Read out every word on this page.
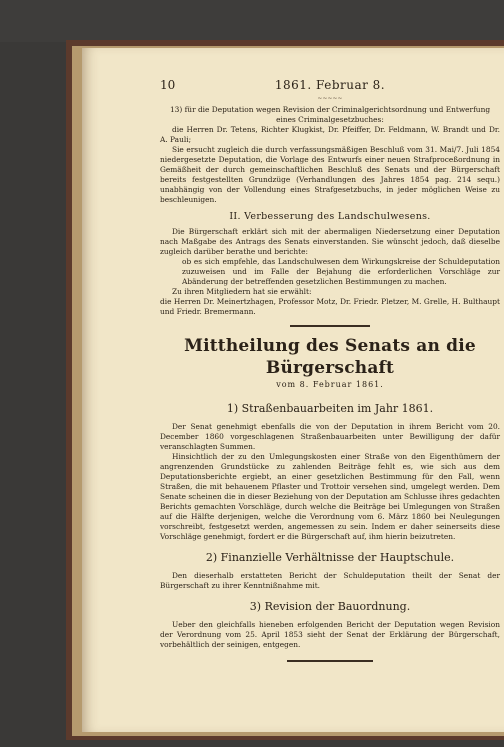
10	1861. Februar 8.
~~~~~

13) für die Deputation wegen Revision der Criminalgerichtsordnung und Entwerfung eines Criminalgesetzbuches:

die Herren Dr. Tetens, Richter Klugkist, Dr. Pfeiffer, Dr. Feldmann, W. Brandt und Dr. A. Pauli;

Sie ersucht zugleich die durch verfassungsmäßigen Beschluß vom 31. Mai/7. Juli 1854 niedergesetzte Deputation, die Vorlage des Entwurfs einer neuen Strafproceßordnung in Gemäßheit der durch gemeinschaftlichen Beschluß des Senats und der Bürgerschaft bereits festgestellten Grundzüge (Verhandlungen des Jahres 1854 pag. 214 sequ.) unabhängig von der Vollendung eines Strafgesetzbuchs, in jeder möglichen Weise zu beschleunigen.

II. Verbesserung des Landschulwesens.

Die Bürgerschaft erklärt sich mit der abermaligen Niedersetzung einer Deputation nach Maßgabe des Antrags des Senats einverstanden. Sie wünscht jedoch, daß dieselbe zugleich darüber berathe und berichte:

ob es sich empfehle, das Landschulwesen dem Wirkungskreise der Schuldeputation zuzuweisen und im Falle der Bejahung die erforderlichen Vorschläge zur Abänderung der betreffenden gesetzlichen Bestimmungen zu machen.

Zu ihren Mitgliedern hat sie erwählt:

die Herren Dr. Meinertzhagen, Professor Motz, Dr. Friedr. Pletzer, M. Grelle, H. Bulthaupt und Friedr. Bremermann.

Mittheilung des Senats an die Bürgerschaft
vom 8. Februar 1861.
1) Straßenbauarbeiten im Jahr 1861.

Der Senat genehmigt ebenfalls die von der Deputation in ihrem Bericht vom 20. December 1860 vorgeschlagenen Straßenbauarbeiten unter Bewilligung der dafür veranschlagten Summen.

Hinsichtlich der zu den Umlegungskosten einer Straße von den Eigenthümern der angrenzenden Grundstücke zu zahlenden Beiträge fehlt es, wie sich aus dem Deputationsberichte ergiebt, an einer gesetzlichen Bestimmung für den Fall, wenn Straßen, die mit behauenem Pflaster und Trottoir versehen sind, umgelegt werden. Dem Senate scheinen die in dieser Beziehung von der Deputation am Schlusse ihres gedachten Berichts gemachten Vorschläge, durch welche die Beiträge bei Umlegungen von Straßen auf die Hälfte derjenigen, welche die Verordnung vom 6. März 1860 bei Neulegungen vorschreibt, festgesetzt werden, angemessen zu sein. Indem er daher seinerseits diese Vorschläge genehmigt, fordert er die Bürgerschaft auf, ihm hierin beizutreten.

2) Finanzielle Verhältnisse der Hauptschule.

Den dieserhalb erstatteten Bericht der Schuldeputation theilt der Senat der Bürgerschaft zu ihrer Kenntnißnahme mit.

3) Revision der Bauordnung.

Ueber den gleichfalls hieneben erfolgenden Bericht der Deputation wegen Revision der Verordnung vom 25. April 1853 sieht der Senat der Erklärung der Bürgerschaft, vorbehältlich der seinigen, entgegen.
